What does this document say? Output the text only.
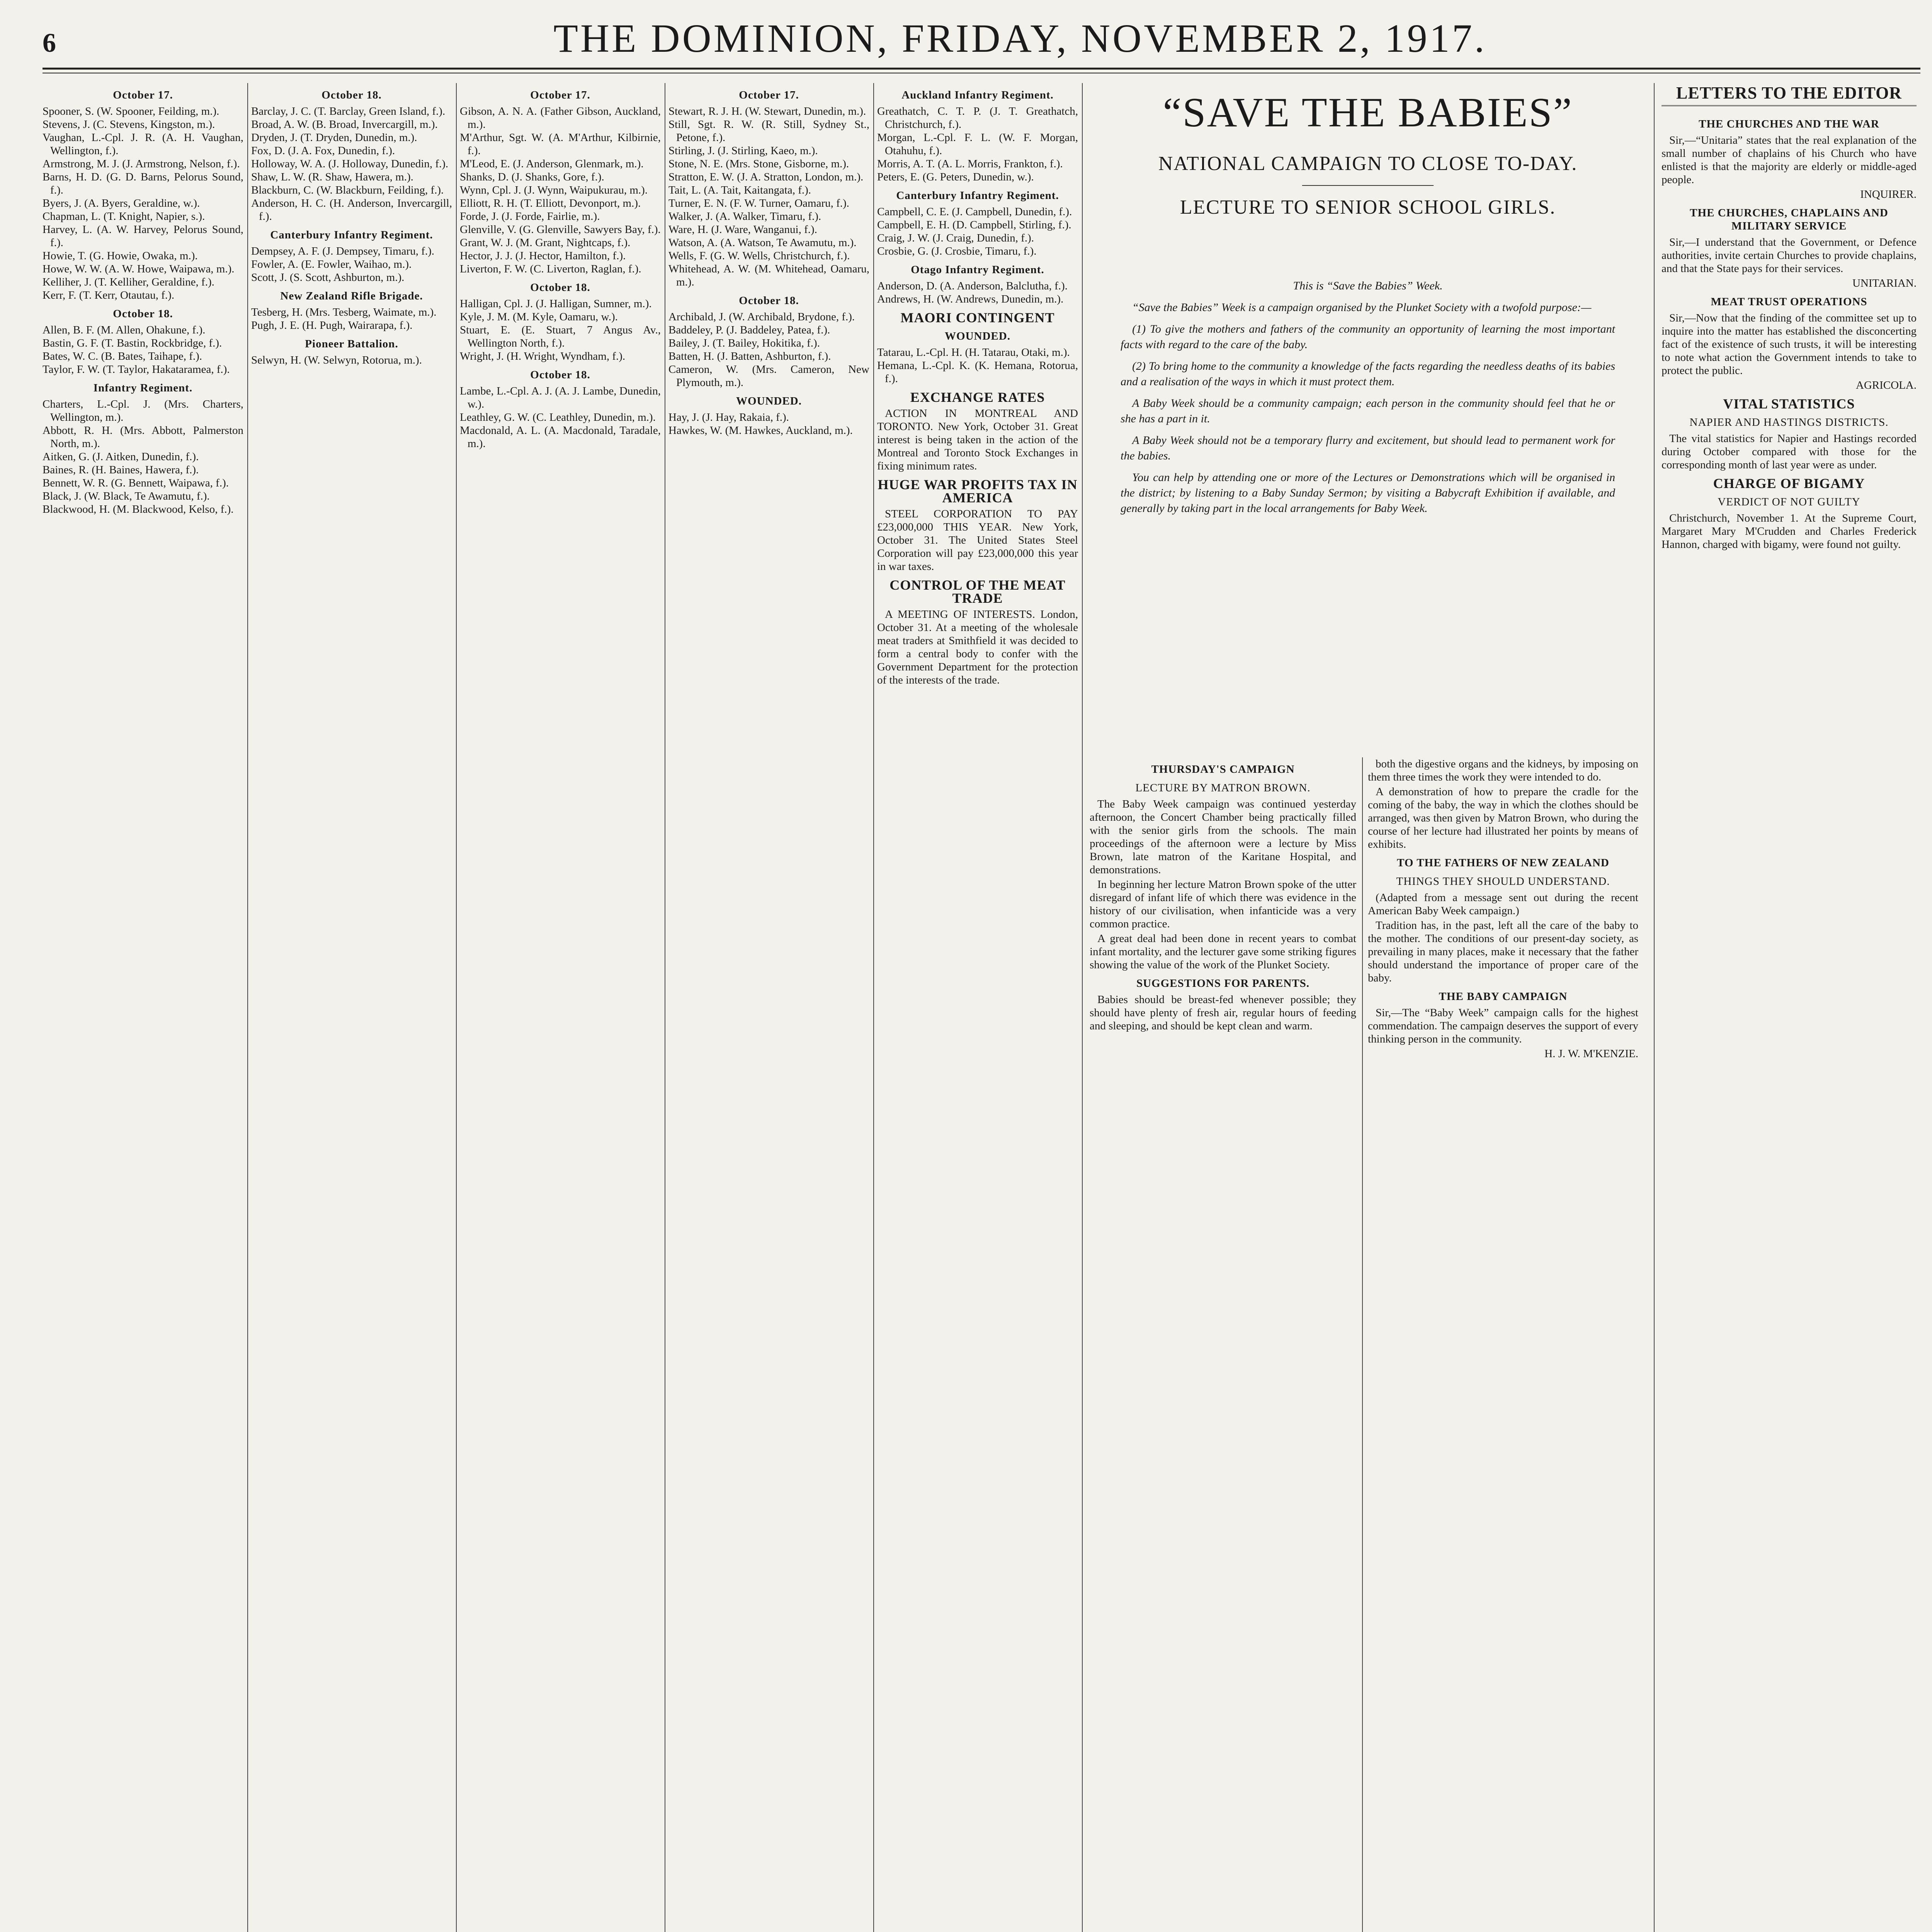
6	THE DOMINION, FRIDAY, NOVEMBER 2, 1917.
October 17.

Spooner, S. (W. Spooner, Feilding, m.).

Stevens, J. (C. Stevens, Kingston, m.).

Vaughan, L.-Cpl. J. R. (A. H. Vaughan, Wellington, f.).

Armstrong, M. J. (J. Armstrong, Nelson, f.).

Barns, H. D. (G. D. Barns, Pelorus Sound, f.).

Byers, J. (A. Byers, Geraldine, w.).

Chapman, L. (T. Knight, Napier, s.).

Harvey, L. (A. W. Harvey, Pelorus Sound, f.).

Howie, T. (G. Howie, Owaka, m.).

Howe, W. W. (A. W. Howe, Waipawa, m.).

Kelliher, J. (T. Kelliher, Geraldine, f.).

Kerr, F. (T. Kerr, Otautau, f.).

October 18.

Allen, B. F. (M. Allen, Ohakune, f.).

Bastin, G. F. (T. Bastin, Rockbridge, f.).

Bates, W. C. (B. Bates, Taihape, f.).

Taylor, F. W. (T. Taylor, Hakataramea, f.).

Infantry Regiment.

Charters, L.-Cpl. J. (Mrs. Charters, Wellington, m.).

Abbott, R. H. (Mrs. Abbott, Palmerston North, m.).

Aitken, G. (J. Aitken, Dunedin, f.).

Baines, R. (H. Baines, Hawera, f.).

Bennett, W. R. (G. Bennett, Waipawa, f.).

Black, J. (W. Black, Te Awamutu, f.).

Blackwood, H. (M. Blackwood, Kelso, f.).

October 18.

Barclay, J. C. (T. Barclay, Green Island, f.).

Broad, A. W. (B. Broad, Invercargill, m.).

Dryden, J. (T. Dryden, Dunedin, m.).

Fox, D. (J. A. Fox, Dunedin, f.).

Holloway, W. A. (J. Holloway, Dunedin, f.).

Shaw, L. W. (R. Shaw, Hawera, m.).

Blackburn, C. (W. Blackburn, Feilding, f.).

Anderson, H. C. (H. Anderson, Invercargill, f.).

Canterbury Infantry Regiment.

Dempsey, A. F. (J. Dempsey, Timaru, f.).

Fowler, A. (E. Fowler, Waihao, m.).

Scott, J. (S. Scott, Ashburton, m.).

New Zealand Rifle Brigade.

Tesberg, H. (Mrs. Tesberg, Waimate, m.).

Pugh, J. E. (H. Pugh, Wairarapa, f.).

Pioneer Battalion.

Selwyn, H. (W. Selwyn, Rotorua, m.).

October 17.

Gibson, A. N. A. (Father Gibson, Auckland, m.).

M'Arthur, Sgt. W. (A. M'Arthur, Kilbirnie, f.).

M'Leod, E. (J. Anderson, Glenmark, m.).

Shanks, D. (J. Shanks, Gore, f.).

Wynn, Cpl. J. (J. Wynn, Waipukurau, m.).

Elliott, R. H. (T. Elliott, Devonport, m.).

Forde, J. (J. Forde, Fairlie, m.).

Glenville, V. (G. Glenville, Sawyers Bay, f.).

Grant, W. J. (M. Grant, Nightcaps, f.).

Hector, J. J. (J. Hector, Hamilton, f.).

Liverton, F. W. (C. Liverton, Raglan, f.).

October 18.

Halligan, Cpl. J. (J. Halligan, Sumner, m.).

Kyle, J. M. (M. Kyle, Oamaru, w.).

Stuart, E. (E. Stuart, 7 Angus Av., Wellington North, f.).

Wright, J. (H. Wright, Wyndham, f.).

October 18.

Lambe, L.-Cpl. A. J. (A. J. Lambe, Dunedin, w.).

Leathley, G. W. (C. Leathley, Dunedin, m.).

Macdonald, A. L. (A. Macdonald, Taradale, m.).

October 17.

Stewart, R. J. H. (W. Stewart, Dunedin, m.).

Still, Sgt. R. W. (R. Still, Sydney St., Petone, f.).

Stirling, J. (J. Stirling, Kaeo, m.).

Stone, N. E. (Mrs. Stone, Gisborne, m.).

Stratton, E. W. (J. A. Stratton, London, m.).

Tait, L. (A. Tait, Kaitangata, f.).

Turner, E. N. (F. W. Turner, Oamaru, f.).

Walker, J. (A. Walker, Timaru, f.).

Ware, H. (J. Ware, Wanganui, f.).

Watson, A. (A. Watson, Te Awamutu, m.).

Wells, F. (G. W. Wells, Christchurch, f.).

Whitehead, A. W. (M. Whitehead, Oamaru, m.).

October 18.

Archibald, J. (W. Archibald, Brydone, f.).

Baddeley, P. (J. Baddeley, Patea, f.).

Bailey, J. (T. Bailey, Hokitika, f.).

Batten, H. (J. Batten, Ashburton, f.).

Cameron, W. (Mrs. Cameron, New Plymouth, m.).

WOUNDED.

Hay, J. (J. Hay, Rakaia, f.).

Hawkes, W. (M. Hawkes, Auckland, m.).

Auckland Infantry Regiment.

Greathatch, C. T. P. (J. T. Greathatch, Christchurch, f.).

Morgan, L.-Cpl. F. L. (W. F. Morgan, Otahuhu, f.).

Morris, A. T. (A. L. Morris, Frankton, f.).

Peters, E. (G. Peters, Dunedin, w.).

Canterbury Infantry Regiment.

Campbell, C. E. (J. Campbell, Dunedin, f.).

Campbell, E. H. (D. Campbell, Stirling, f.).

Craig, J. W. (J. Craig, Dunedin, f.).

Crosbie, G. (J. Crosbie, Timaru, f.).

Otago Infantry Regiment.

Anderson, D. (A. Anderson, Balclutha, f.).

Andrews, H. (W. Andrews, Dunedin, m.).

MAORI CONTINGENT
WOUNDED.

Tatarau, L.-Cpl. H. (H. Tatarau, Otaki, m.).

Hemana, L.-Cpl. K. (K. Hemana, Rotorua, f.).

EXCHANGE RATES

ACTION IN MONTREAL AND TORONTO. New York, October 31. Great interest is being taken in the action of the Montreal and Toronto Stock Exchanges in fixing minimum rates.

HUGE WAR PROFITS TAX IN AMERICA

STEEL CORPORATION TO PAY £23,000,000 THIS YEAR. New York, October 31. The United States Steel Corporation will pay £23,000,000 this year in war taxes.

CONTROL OF THE MEAT TRADE

A MEETING OF INTERESTS. London, October 31. At a meeting of the wholesale meat traders at Smithfield it was decided to form a central body to confer with the Government Department for the protection of the interests of the trade.

“SAVE THE BABIES”
NATIONAL CAMPAIGN TO CLOSE TO-DAY.
LECTURE TO SENIOR SCHOOL GIRLS.

This is “Save the Babies” Week.

“Save the Babies” Week is a campaign organised by the Plunket Society with a twofold purpose:—

(1) To give the mothers and fathers of the community an opportunity of learning the most important facts with regard to the care of the baby.

(2) To bring home to the community a knowledge of the facts regarding the needless deaths of its babies and a realisation of the ways in which it must protect them.

A Baby Week should be a community campaign; each person in the community should feel that he or she has a part in it.

A Baby Week should not be a temporary flurry and excitement, but should lead to permanent work for the babies.

You can help by attending one or more of the Lectures or Demonstrations which will be organised in the district; by listening to a Baby Sunday Sermon; by visiting a Babycraft Exhibition if available, and generally by taking part in the local arrangements for Baby Week.

THURSDAY'S CAMPAIGN
LECTURE BY MATRON BROWN.

The Baby Week campaign was continued yesterday afternoon, the Concert Chamber being practically filled with the senior girls from the schools. The main proceedings of the afternoon were a lecture by Miss Brown, late matron of the Karitane Hospital, and demonstrations.

In beginning her lecture Matron Brown spoke of the utter disregard of infant life of which there was evidence in the history of our civilisation, when infanticide was a very common practice.

A great deal had been done in recent years to combat infant mortality, and the lecturer gave some striking figures showing the value of the work of the Plunket Society.

SUGGESTIONS FOR PARENTS.

Babies should be breast-fed whenever possible; they should have plenty of fresh air, regular hours of feeding and sleeping, and should be kept clean and warm.

both the digestive organs and the kidneys, by imposing on them three times the work they were intended to do.

A demonstration of how to prepare the cradle for the coming of the baby, the way in which the clothes should be arranged, was then given by Matron Brown, who during the course of her lecture had illustrated her points by means of exhibits.

TO THE FATHERS OF NEW ZEALAND
THINGS THEY SHOULD UNDERSTAND.

(Adapted from a message sent out during the recent American Baby Week campaign.)

Tradition has, in the past, left all the care of the baby to the mother. The conditions of our present-day society, as prevailing in many places, make it necessary that the father should understand the importance of proper care of the baby.

THE BABY CAMPAIGN

Sir,—The “Baby Week” campaign calls for the highest commendation. The campaign deserves the support of every thinking person in the community.

H. J. W. M'KENZIE.

LETTERS TO THE EDITOR
THE CHURCHES AND THE WAR

Sir,—“Unitaria” states that the real explanation of the small number of chaplains of his Church who have enlisted is that the majority are elderly or middle-aged people.

INQUIRER.

THE CHURCHES, CHAPLAINS AND MILITARY SERVICE

Sir,—I understand that the Government, or Defence authorities, invite certain Churches to provide chaplains, and that the State pays for their services.

UNITARIAN.

MEAT TRUST OPERATIONS

Sir,—Now that the finding of the committee set up to inquire into the matter has established the disconcerting fact of the existence of such trusts, it will be interesting to note what action the Government intends to take to protect the public.

AGRICOLA.

VITAL STATISTICS
NAPIER AND HASTINGS DISTRICTS.

The vital statistics for Napier and Hastings recorded during October compared with those for the corresponding month of last year were as under.

CHARGE OF BIGAMY
VERDICT OF NOT GUILTY

Christchurch, November 1. At the Supreme Court, Margaret Mary M'Crudden and Charles Frederick Hannon, charged with bigamy, were found not guilty.
